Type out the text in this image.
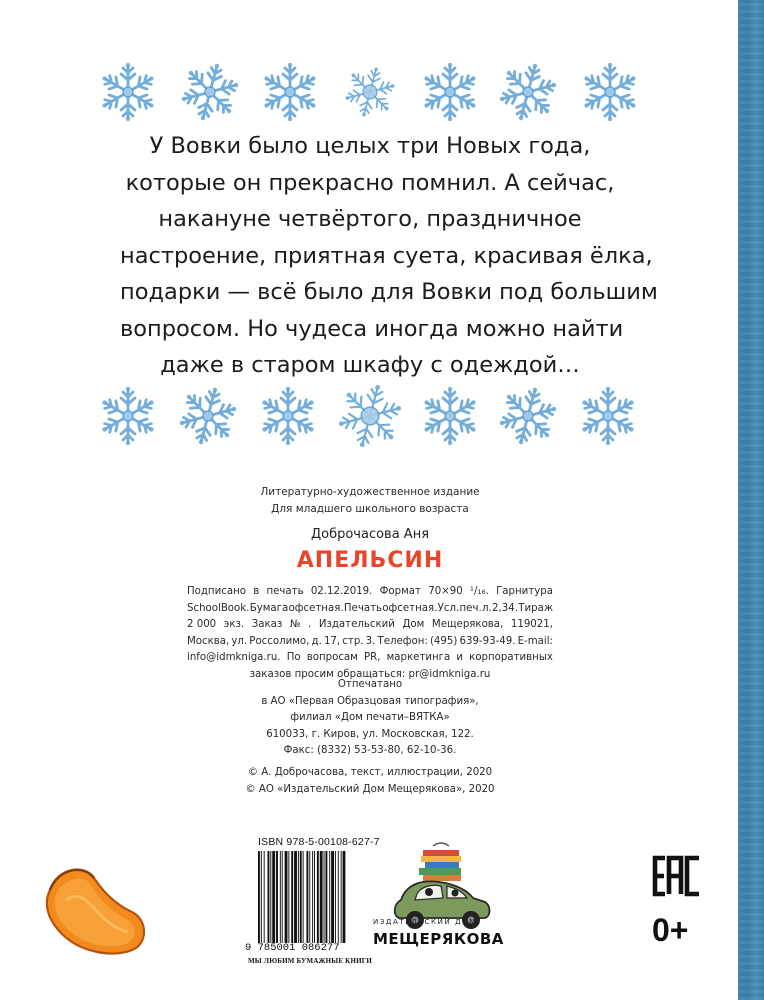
У Вовки было целых три Новых года,
которые он прекрасно помнил. А сейчас,
накануне четвёртого, праздничное
настроение, приятная суета, красивая ёлка,
подарки — всё было для Вовки под большим
вопросом. Но чудеса иногда можно найти
даже в старом шкафу с одеждой…
Литературно-художественное издание
Для младшего школьного возраста
Доброчасова Аня
АПЕЛЬСИН
Подписано в печать 02.12.2019. Формат 70×90 ¹/₁₆. Гарнитура
SchoolBook. Бумага офсетная. Печать офсетная. Усл. печ. л. 2,34. Тираж
2 000 экз. Заказ № . Издательский Дом Мещерякова, 119021,
Москва, ул. Россолимо, д. 17, стр. 3. Телефон: (495) 639-93-49. E-mail:
info@idmkniga.ru. По вопросам PR, маркетинга и корпоративных
заказов просим обращаться: pr@idmkniga.ru
Отпечатано
в АО «Первая Образцовая типография»,
филиал «Дом печати–ВЯТКА»
610033, г. Киров, ул. Московская, 122.
Факс: (8332) 53-53-80, 62-10-36.
© А. Доброчасова, текст, иллюстрации, 2020
© АО «Издательский Дом Мещерякова», 2020
ISBN 978-5-00108-627-7
9 785001 086277
МЫ ЛЮБИМ БУМАЖНЫЕ КНИГИ
ИЗДАТЕЛЬСКИЙ ДОМ
МЕЩЕРЯКОВА	0+
